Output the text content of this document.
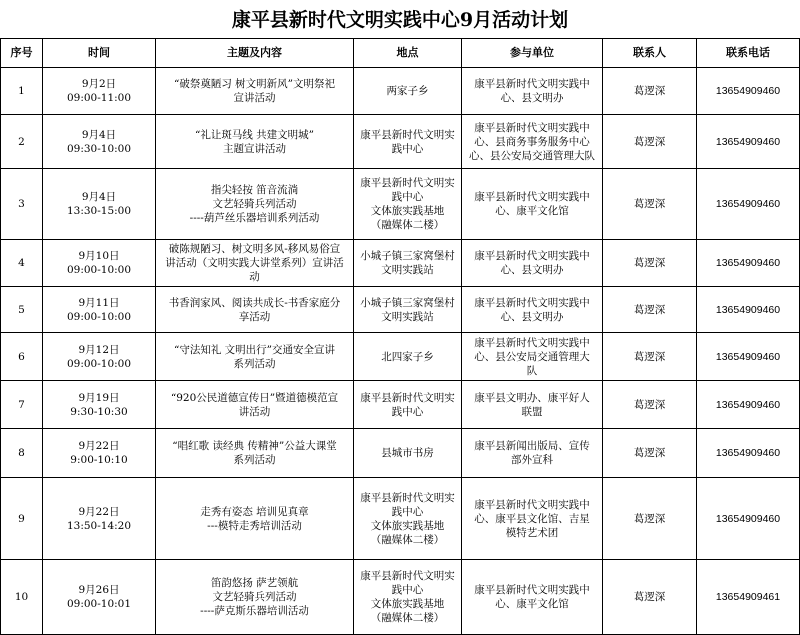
康平县新时代文明实践中心9月活动计划
序号	时间	主题及内容	地点	参与单位	联系人	联系电话
1	9月2日
09:00-11:00	“破祭奠陋习 树文明新风”文明祭祀
宣讲活动	两家子乡	康平县新时代文明实践中
心、县文明办	葛逻深	13654909460
2	9月4日
09:30-10:00	“礼让斑马线 共建文明城”
主题宣讲活动	康平县新时代文明实
践中心	康平县新时代文明实践中
心、县商务事务服务中心
心、县公安局交通管理大队	葛逻深	13654909460
3	9月4日
13:30-15:00	指尖轻按 笛音流淌
文艺轻骑兵列活动
----葫芦丝乐器培训系列活动	康平县新时代文明实
践中心
文体旅实践基地
（融媒体二楼）	康平县新时代文明实践中
心、康平文化馆	葛逻深	13654909460
4	9月10日
09:00-10:00	破陈规陋习、树文明多风-移风易俗宣
讲活动（文明实践大讲堂系列）宣讲活
动	小城子镇三家窝堡村
文明实践站	康平县新时代文明实践中
心、县文明办	葛逻深	13654909460
5	9月11日
09:00-10:00	书香润家风、阅读共成长-书香家庭分
享活动	小城子镇三家窝堡村
文明实践站	康平县新时代文明实践中
心、县文明办	葛逻深	13654909460
6	9月12日
09:00-10:00	“守法知礼 文明出行”交通安全宣讲
系列活动	北四家子乡	康平县新时代文明实践中
心、县公安局交通管理大
队	葛逻深	13654909460
7	9月19日
9:30-10:30	“920公民道德宣传日”暨道德模范宣
讲活动	康平县新时代文明实
践中心	康平县文明办、康平好人
联盟	葛逻深	13654909460
8	9月22日
9:00-10:10	“唱红歌 读经典 传精神”公益大课堂
系列活动	县城市书房	康平县新闻出版局、宣传
部外宣科	葛逻深	13654909460
9	9月22日
13:50-14:20	走秀有姿态 培训见真章
---模特走秀培训活动	康平县新时代文明实
践中心
文体旅实践基地
（融媒体二楼）	康平县新时代文明实践中
心、康平县文化馆、吉星
模特艺术团	葛逻深	13654909460
10	9月26日
09:00-10:01	笛韵悠扬 萨艺领航
文艺轻骑兵列活动
----萨克斯乐器培训活动	康平县新时代文明实
践中心
文体旅实践基地
（融媒体二楼）	康平县新时代文明实践中
心、康平文化馆	葛逻深	13654909461
